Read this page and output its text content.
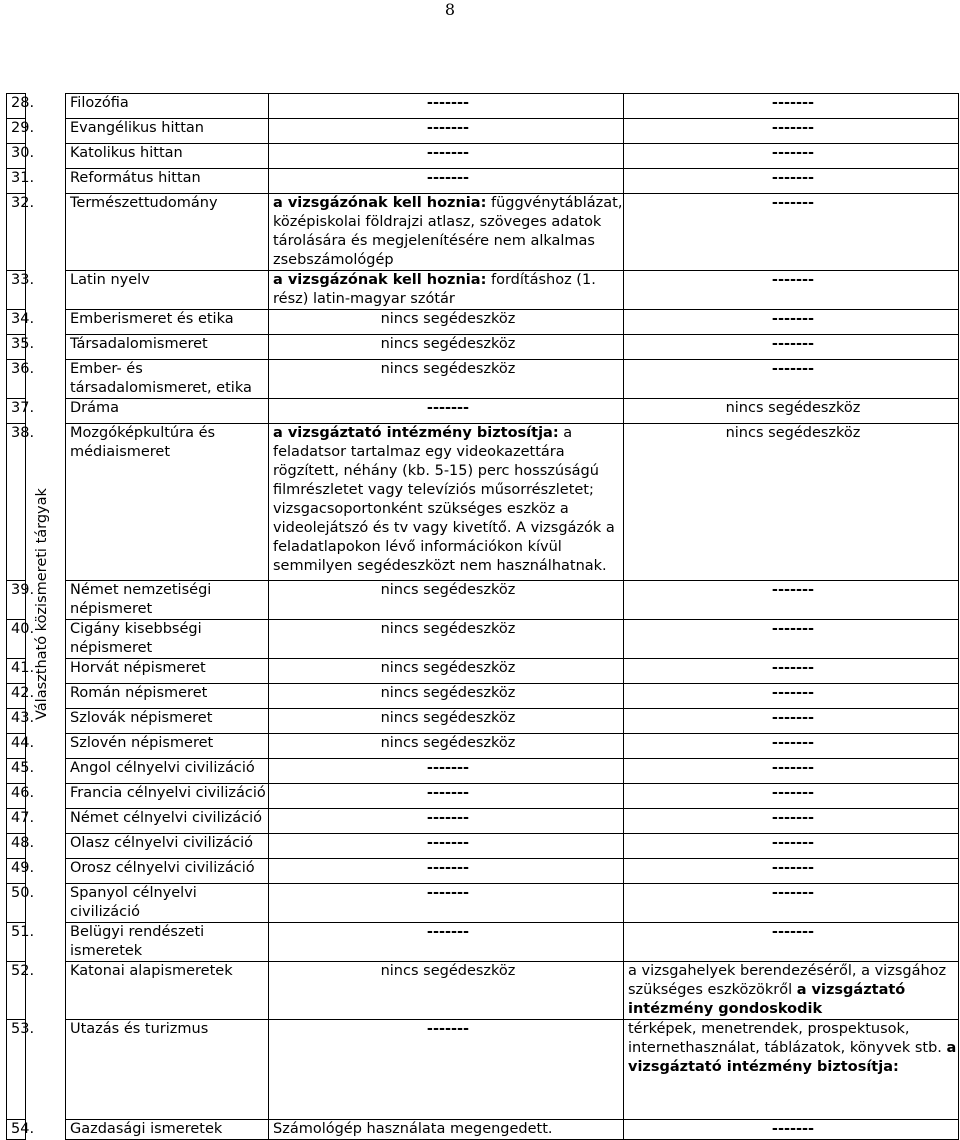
8
28.		Filozófia	-------	-------

29.		Evangélikus hittan	-------	-------

30.		Katolikus hittan	-------	-------

31.		Református hittan	-------	-------

32.		Természettudomány	a vizsgázónak kell hoznia: függvénytáblázat, középiskolai földrajzi atlasz, szöveges adatok tárolására és megjelenítésére nem alkalmas zsebszámológép	-------

33.		Latin nyelv	a vizsgázónak kell hoznia: fordításhoz (1. rész) latin-magyar szótár	-------

34.		Emberismeret és etika	nincs segédeszköz	-------

35.		Társadalomismeret	nincs segédeszköz	-------

36.		Ember- és társadalomismeret, etika	nincs segédeszköz	-------

37.		Dráma	-------	nincs segédeszköz

38.		Mozgóképkultúra és médiaismeret	a vizsgáztató intézmény biztosítja: a feladatsor tartalmaz egy videokazettára rögzített, néhány (kb. 5-15) perc hosszúságú filmrészletet vagy televíziós műsorrészletet; vizsgacsoportonként szükséges eszköz a videolejátszó és tv vagy kivetítő. A vizsgázók a feladatlapokon lévő információkon kívül semmilyen segédeszközt nem használhatnak.	nincs segédeszköz

39.		Német nemzetiségi népismeret	nincs segédeszköz	-------

40.		Cigány kisebbségi népismeret	nincs segédeszköz	-------

41.		Horvát népismeret	nincs segédeszköz	-------

42.		Román népismeret	nincs segédeszköz	-------

43.		Szlovák népismeret	nincs segédeszköz	-------

44.		Szlovén népismeret	nincs segédeszköz	-------

45.		Angol célnyelvi civilizáció	-------	-------

46.		Francia célnyelvi civilizáció	-------	-------

47.		Német célnyelvi civilizáció	-------	-------

48.		Olasz célnyelvi civilizáció	-------	-------

49.		Orosz célnyelvi civilizáció	-------	-------

50.		Spanyol célnyelvi civilizáció	-------	-------

51.		Belügyi rendészeti ismeretek	-------	-------

52.		Katonai alapismeretek	nincs segédeszköz	a vizsgahelyek berendezéséről, a vizsgához szükséges eszközökről a vizsgáztató intézmény gondoskodik
53.		Utazás és turizmus	-------	térképek, menetrendek, prospektusok, internethasználat, táblázatok, könyvek stb. a vizsgáztató intézmény biztosítja:
54.		Gazdasági ismeretek	Számológép használata megengedett.	-------
Választható közismereti tárgyak
